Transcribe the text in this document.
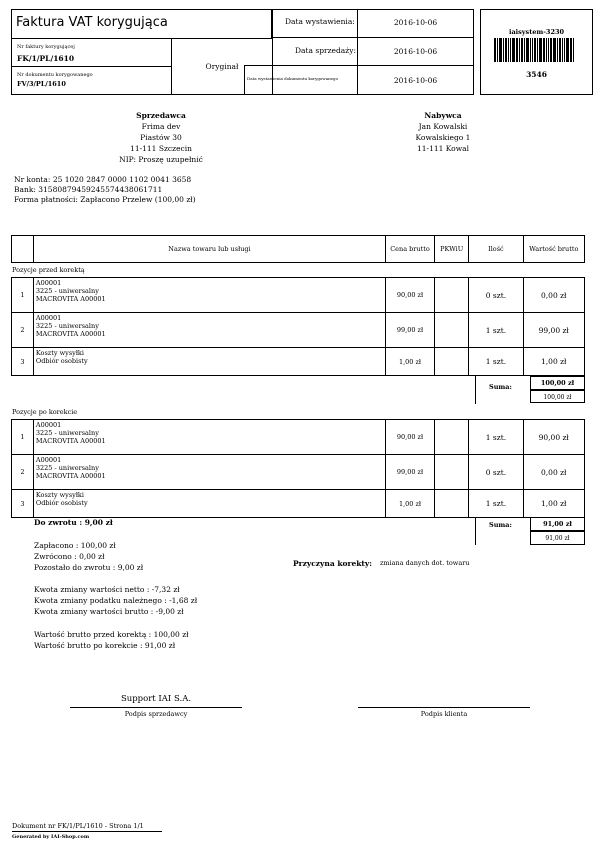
Faktura VAT korygująca
Nr faktury korygującej
FK/1/PL/1610
Nr dokumentu korygowanego
FV/3/PL/1610
Oryginał
Data wystawienia:	2016-10-06
Data sprzedaży:	2016-10-06
Data wystawienia dokumentu korygowanego	2016-10-06
iaisystem-3230
3546
Sprzedawca
Frima dev
Piastów 30
11-111 Szczecin
NIP: Proszę uzupełnić
Nabywca
Jan Kowalski
Kowalskiego 1
11-111 Kowal
Nr konta: 25 1020 2847 0000 1102 0041 3658
Bank: 31580879459245574438061711
Forma płatności: Zapłacono Przelew (100,00 zł)
	Nazwa towaru lub usługi	Cena brutto	PKWiU	Ilość	Wartość brutto
Pozycje przed korektą
1	A00001
3225 - uniwersalny
MACROVITA A00001	90,00 zł		0 szt.	0,00 zł
2	A00001
3225 - uniwersalny
MACROVITA A00001	99,00 zł		1 szt.	99,00 zł
3	Koszty wysyłki
Odbiór osobisty	1,00 zł		1 szt.	1,00 zł
Suma:	100,00 zł
100,00 zł
Pozycje po korekcie
1	A00001
3225 - uniwersalny
MACROVITA A00001	90,00 zł		1 szt.	90,00 zł
2	A00001
3225 - uniwersalny
MACROVITA A00001	99,00 zł		0 szt.	0,00 zł
3	Koszty wysyłki
Odbiór osobisty	1,00 zł		1 szt.	1,00 zł
Do zwrotu : 9,00 zł	Suma:	91,00 zł
91,00 zł
Zapłacono : 100,00 zł
Zwrócono : 0,00 zł
Pozostało do zwrotu : 9,00 zł	Przyczyna korekty: zmiana danych dot. towaru
Kwota zmiany wartości netto : -7,32 zł
Kwota zmiany podatku należnego : -1,68 zł
Kwota zmiany wartości brutto : -9,00 zł
Wartość brutto przed korektą : 100,00 zł
Wartość brutto po korekcie : 91,00 zł
Support IAI S.A.
Podpis sprzedawcy	Podpis klienta
Dokument nr FK/1/PL/1610 - Strona 1/1
Generated by IAI-Shop.com
